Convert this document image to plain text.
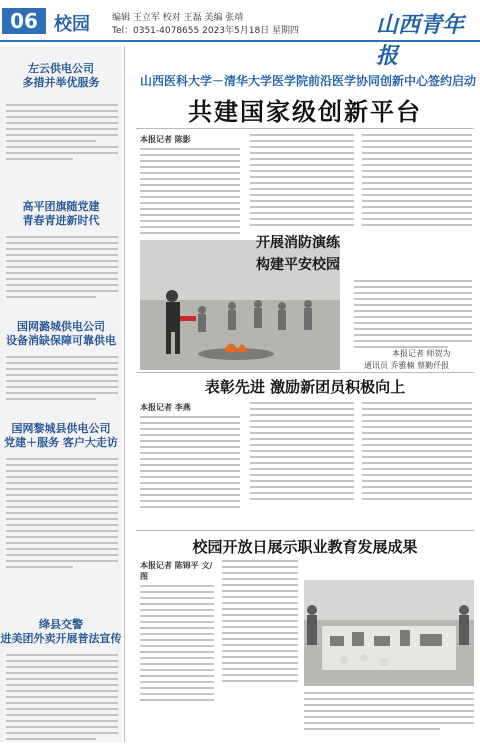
06 校园 编辑 王立军 校对 王磊 美编 张靖
Tel：0351-4078655 2023年5月18日 星期四	山西青年报
左云供电公司
多措并举优服务
高平团旗随党建
青春青进新时代
国网潞城供电公司
设备消缺保障可靠供电
国网黎城县供电公司
党建＋服务 客户大走访
绛县交警
进美团外卖开展普法宣传
山西医科大学－清华大学医学院前沿医学协同创新中心签约启动
共建国家级创新平台
本报记者 陈影
开展消防演练
构建平安校园
本报记者 师贺为
通讯员 乔雅楠 蔡勤仟报
表彰先进 激励新团员积极向上
本报记者 李燕
校园开放日展示职业教育发展成果
本报记者 陈锦平 文/图
